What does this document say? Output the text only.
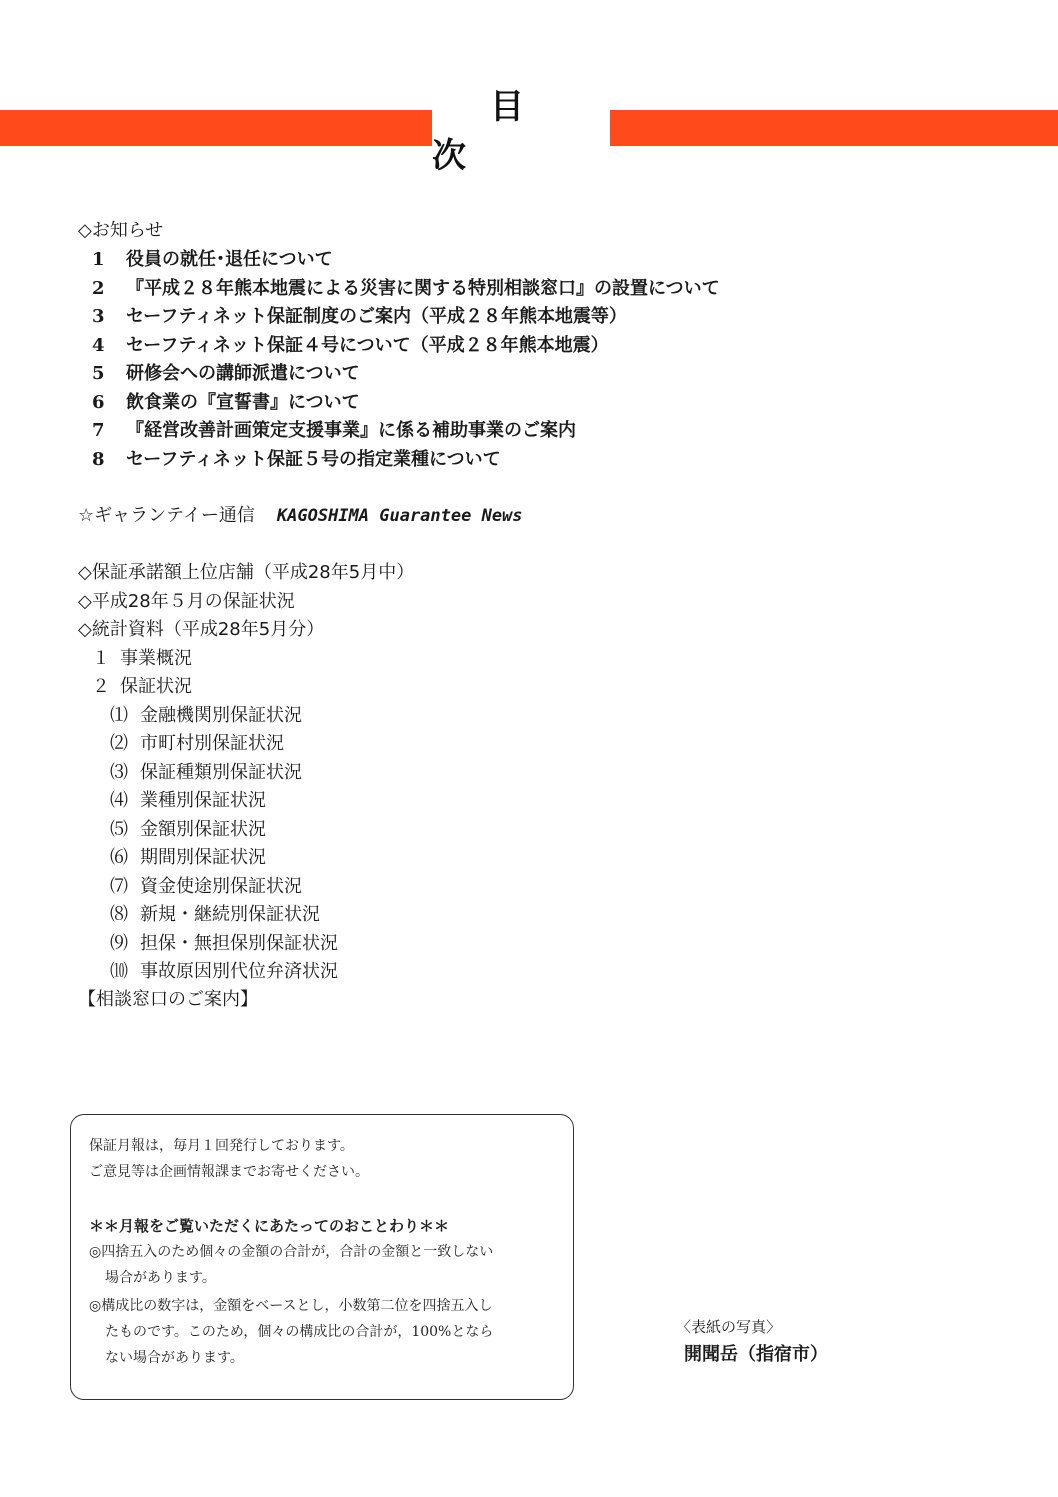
目次
◇お知らせ
1 役員の就任･退任について
2 『平成２８年熊本地震による災害に関する特別相談窓口』の設置について
3 セーフティネット保証制度のご案内（平成２８年熊本地震等）
4 セーフティネット保証４号について（平成２８年熊本地震）
5 研修会への講師派遣について
6 飲食業の『宣誓書』について
7 『経営改善計画策定支援事業』に係る補助事業のご案内
8 セーフティネット保証５号の指定業種について
☆ギャランテイー通信 KAGOSHIMA Guarantee News
◇保証承諾額上位店舗（平成28年5月中）
◇平成28年５月の保証状況
◇統計資料（平成28年5月分）
１ 事業概況
２ 保証状況
⑴ 金融機関別保証状況
⑵ 市町村別保証状況
⑶ 保証種類別保証状況
⑷ 業種別保証状況
⑸ 金額別保証状況
⑹ 期間別保証状況
⑺ 資金使途別保証状況
⑻ 新規・継続別保証状況
⑼ 担保・無担保別保証状況
⑽ 事故原因別代位弁済状況
【相談窓口のご案内】
保証月報は，毎月１回発行しております。
ご意見等は企画情報課までお寄せください。
＊＊月報をご覧いただくにあたってのおことわり＊＊
◎四捨五入のため個々の金額の合計が，合計の金額と一致しない
場合があります。
◎構成比の数字は，金額をベースとし，小数第二位を四捨五入し
たものです。このため，個々の構成比の合計が，100%となら
ない場合があります。
〈表紙の写真〉
開聞岳（指宿市）
